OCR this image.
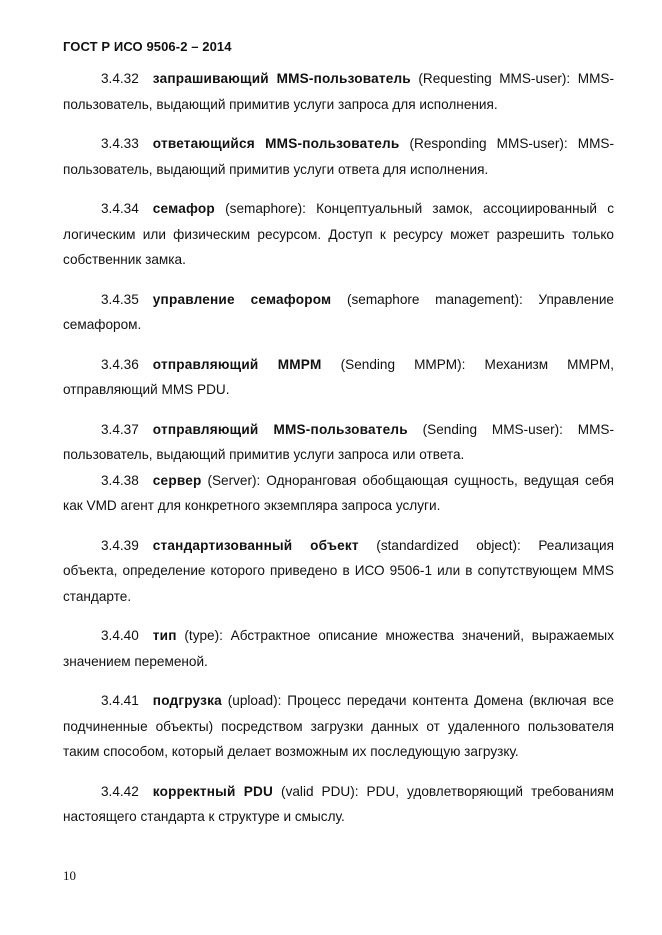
ГОСТ Р ИСО 9506-2 – 2014

3.4.32 запрашивающий MMS-пользователь (Requesting MMS-user): MMS-пользователь, выдающий примитив услуги запроса для исполнения.

3.4.33 ответающийся MMS-пользователь (Responding MMS-user): MMS-пользователь, выдающий примитив услуги ответа для исполнения.

3.4.34 семафор (semaphore): Концептуальный замок, ассоциированный с логическим или физическим ресурсом. Доступ к ресурсу может разрешить только собственник замка.

3.4.35 управление семафором (semaphore management): Управление семафором.

3.4.36 отправляющий MMPM (Sending MMPM): Механизм MMPM, отправляющий MMS PDU.

3.4.37 отправляющий MMS-пользователь (Sending MMS-user): MMS-пользователь, выдающий примитив услуги запроса или ответа.

3.4.38 сервер (Server): Одноранговая обобщающая сущность, ведущая себя как VMD агент для конкретного экземпляра запроса услуги.

3.4.39 стандартизованный объект (standardized object): Реализация объекта, определение которого приведено в ИСО 9506-1 или в сопутствующем MMS стандарте.

3.4.40 тип (type): Абстрактное описание множества значений, выражаемых значением переменой.

3.4.41 подгрузка (upload): Процесс передачи контента Домена (включая все подчиненные объекты) посредством загрузки данных от удаленного пользователя таким способом, который делает возможным их последующую загрузку.

3.4.42 корректный PDU (valid PDU): PDU, удовлетворяющий требованиям настоящего стандарта к структуре и смыслу.

10
